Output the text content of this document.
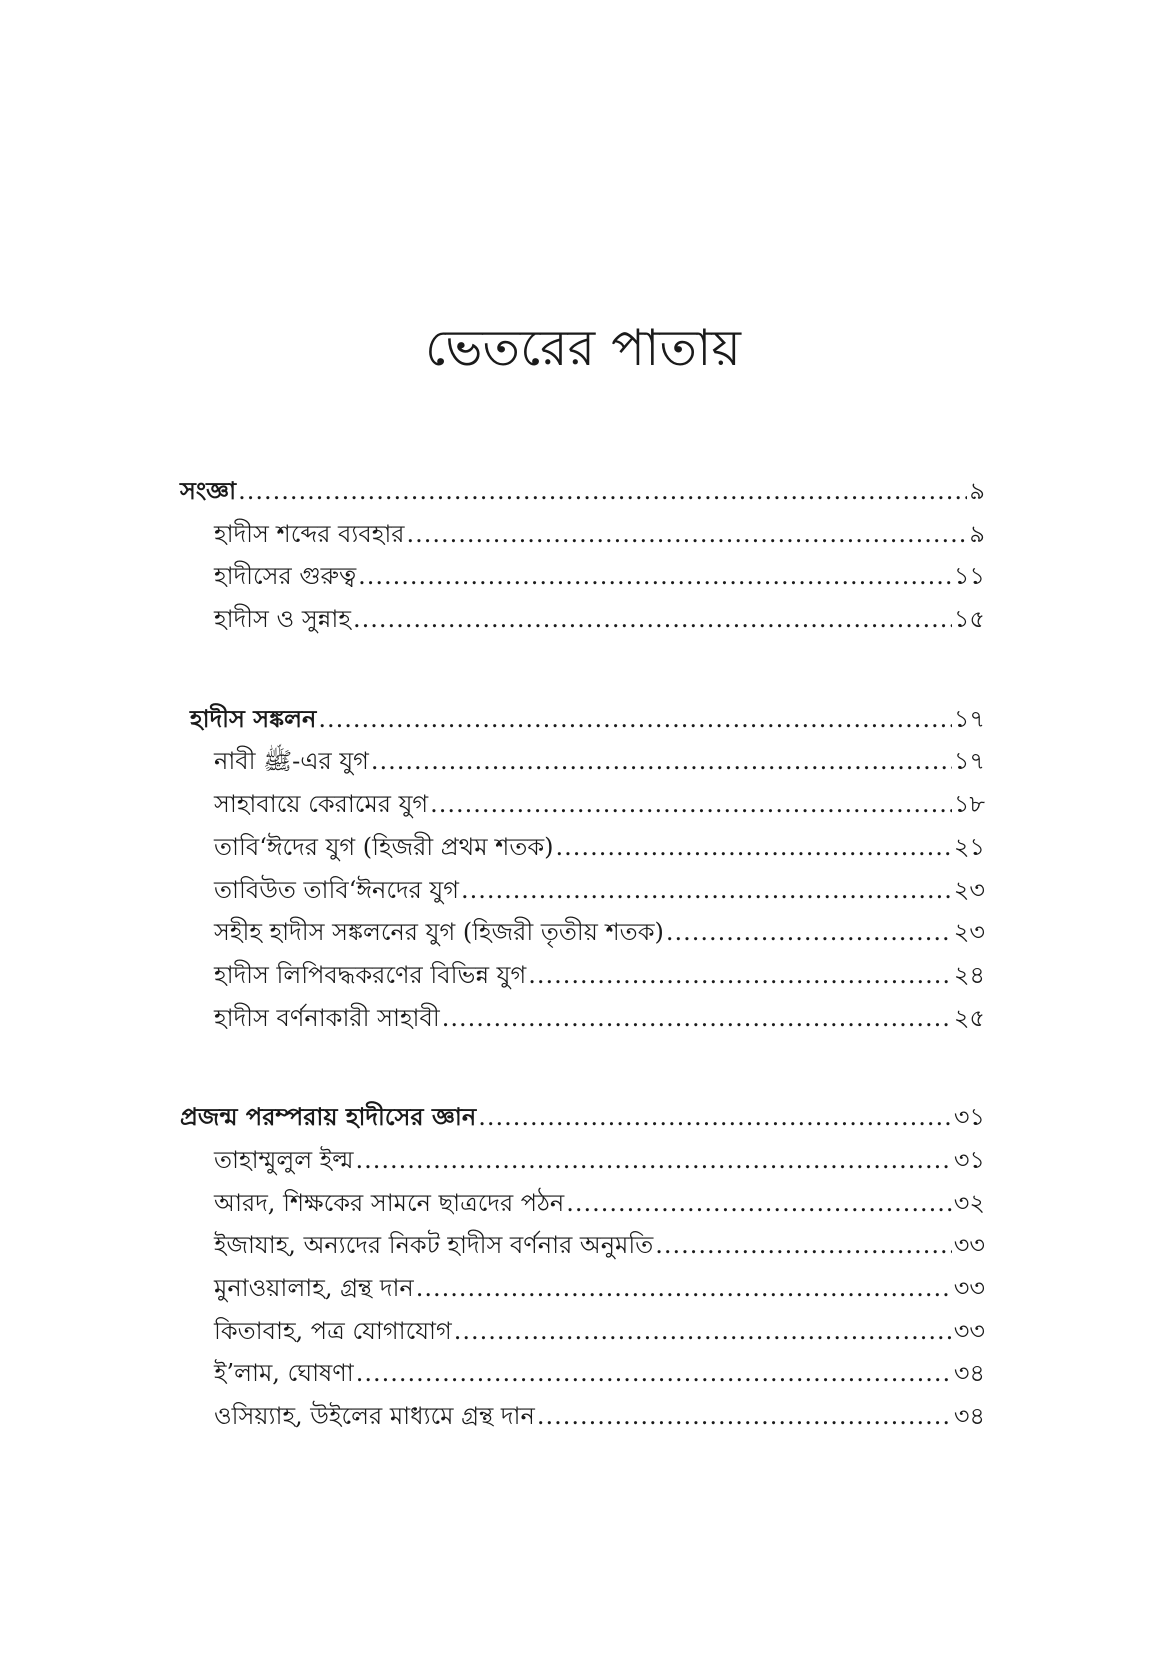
ভেতরের পাতায়
সংজ্ঞা .....	৯
হাদীস শব্দের ব্যবহার .....	৯
হাদীসের গুরুত্ব .....	১১
হাদীস ও সুন্নাহ .....	১৫
হাদীস সঙ্কলন .....	১৭
নাবী ﷺ-এর যুগ .....	১৭
সাহাবায়ে কেরামের যুগ .....	১৮
তাবি‘ঈদের যুগ (হিজরী প্রথম শতক) .....	২১
তাবিউত তাবি‘ঈনদের যুগ .....	২৩
সহীহ হাদীস সঙ্কলনের যুগ (হিজরী তৃতীয় শতক) .....	২৩
হাদীস লিপিবদ্ধকরণের বিভিন্ন যুগ .....	২৪
হাদীস বর্ণনাকারী সাহাবী .....	২৫
প্রজন্ম পরম্পরায় হাদীসের জ্ঞান .....	৩১
তাহাম্মুলুল ইল্ম .....	৩১
আরদ, শিক্ষকের সামনে ছাত্রদের পঠন .....	৩২
ইজাযাহ, অন্যদের নিকট হাদীস বর্ণনার অনুমতি .....	৩৩
মুনাওয়ালাহ, গ্রন্থ দান .....	৩৩
কিতাবাহ, পত্র যোগাযোগ .....	৩৩
ই’লাম, ঘোষণা .....	৩৪
ওসিয়্যাহ, উইলের মাধ্যমে গ্রন্থ দান .....	৩৪
